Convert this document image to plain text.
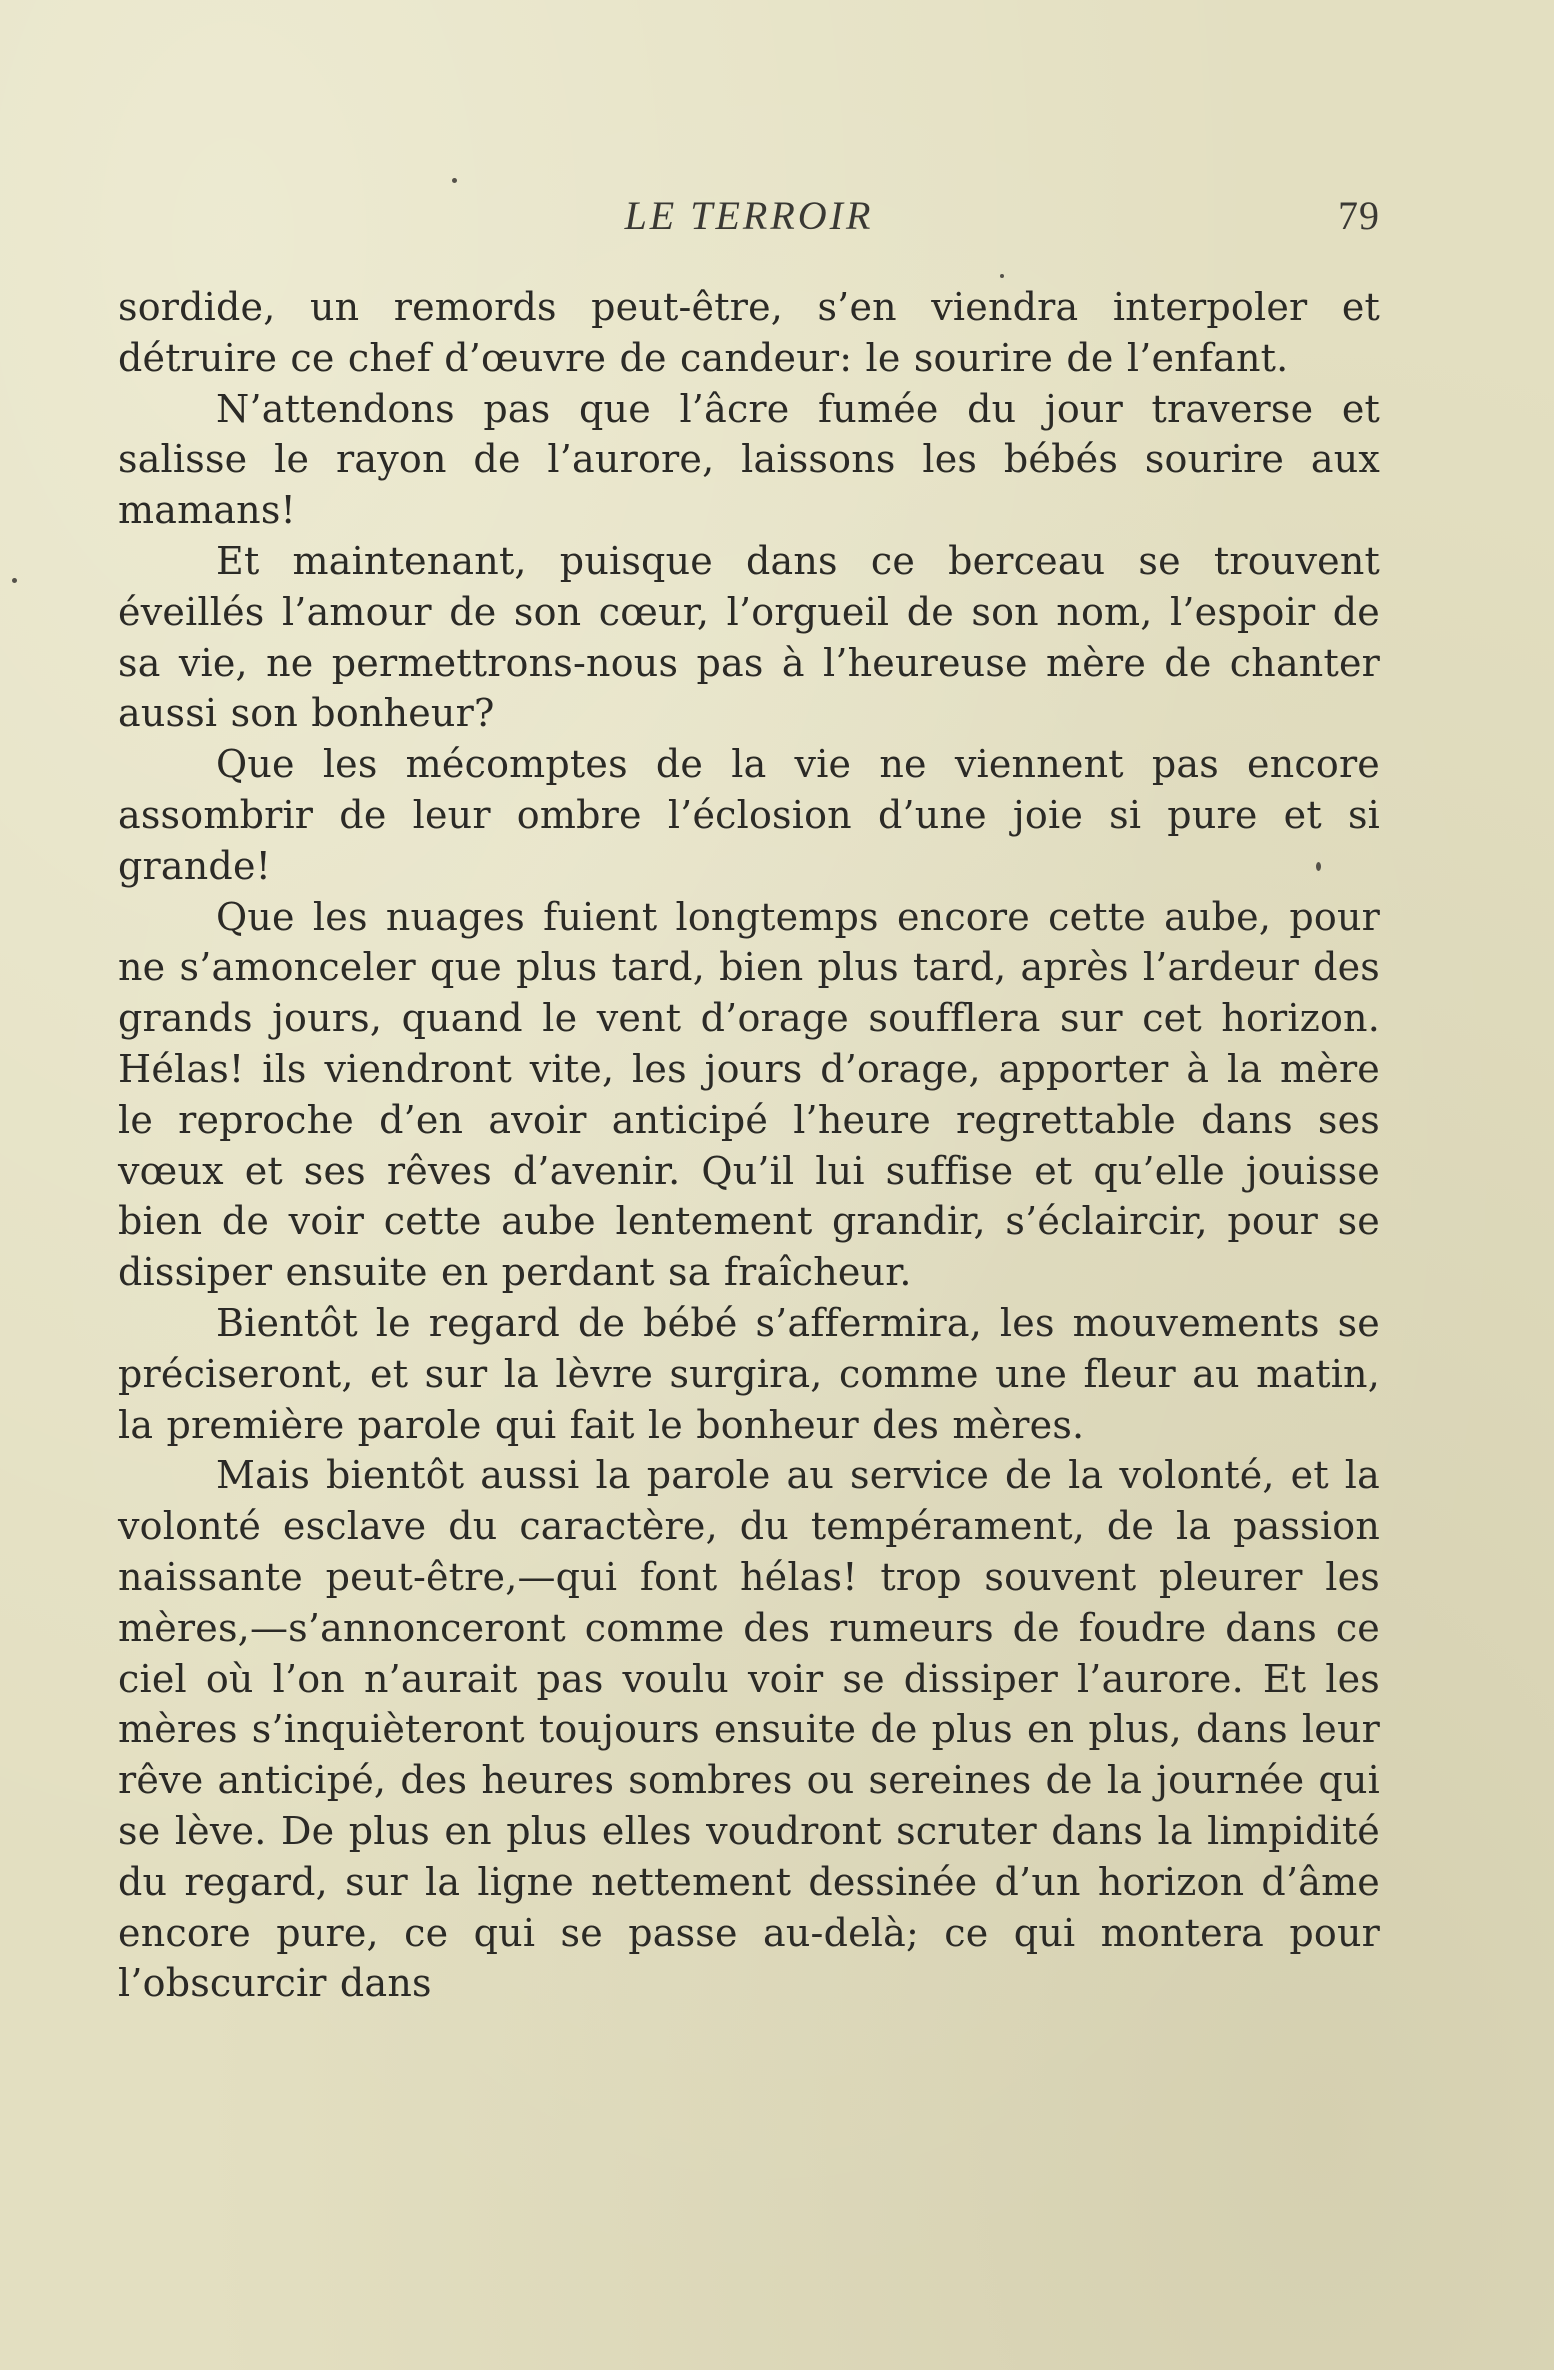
LE TERROIR	79

sordide, un remords peut-être, s’en viendra interpoler et détruire ce chef d’œuvre de candeur: le sourire de l’enfant.

N’attendons pas que l’âcre fumée du jour traverse et salisse le rayon de l’aurore, laissons les bébés sourire aux mamans!

Et maintenant, puisque dans ce berceau se trouvent éveillés l’amour de son cœur, l’orgueil de son nom, l’espoir de sa vie, ne permettrons-nous pas à l’heureuse mère de chanter aussi son bonheur?

Que les mécomptes de la vie ne viennent pas encore assombrir de leur ombre l’éclosion d’une joie si pure et si grande!

Que les nuages fuient longtemps encore cette aube, pour ne s’amonceler que plus tard, bien plus tard, après l’ardeur des grands jours, quand le vent d’orage soufflera sur cet horizon. Hélas! ils viendront vite, les jours d’orage, apporter à la mère le reproche d’en avoir anticipé l’heure regrettable dans ses vœux et ses rêves d’avenir. Qu’il lui suffise et qu’elle jouisse bien de voir cette aube lentement grandir, s’éclaircir, pour se dissiper ensuite en perdant sa fraîcheur.

Bientôt le regard de bébé s’affermira, les mouvements se préciseront, et sur la lèvre surgira, comme une fleur au matin, la première parole qui fait le bonheur des mères.

Mais bientôt aussi la parole au service de la volonté, et la volonté esclave du caractère, du tempérament, de la passion naissante peut-être,—qui font hélas! trop souvent pleurer les mères,—s’annonceront comme des rumeurs de foudre dans ce ciel où l’on n’aurait pas voulu voir se dissiper l’aurore. Et les mères s’inquièteront toujours ensuite de plus en plus, dans leur rêve anticipé, des heures sombres ou sereines de la journée qui se lève. De plus en plus elles voudront scruter dans la limpidité du regard, sur la ligne nettement dessinée d’un horizon d’âme encore pure, ce qui se passe au-delà; ce qui montera pour l’obscurcir dans
